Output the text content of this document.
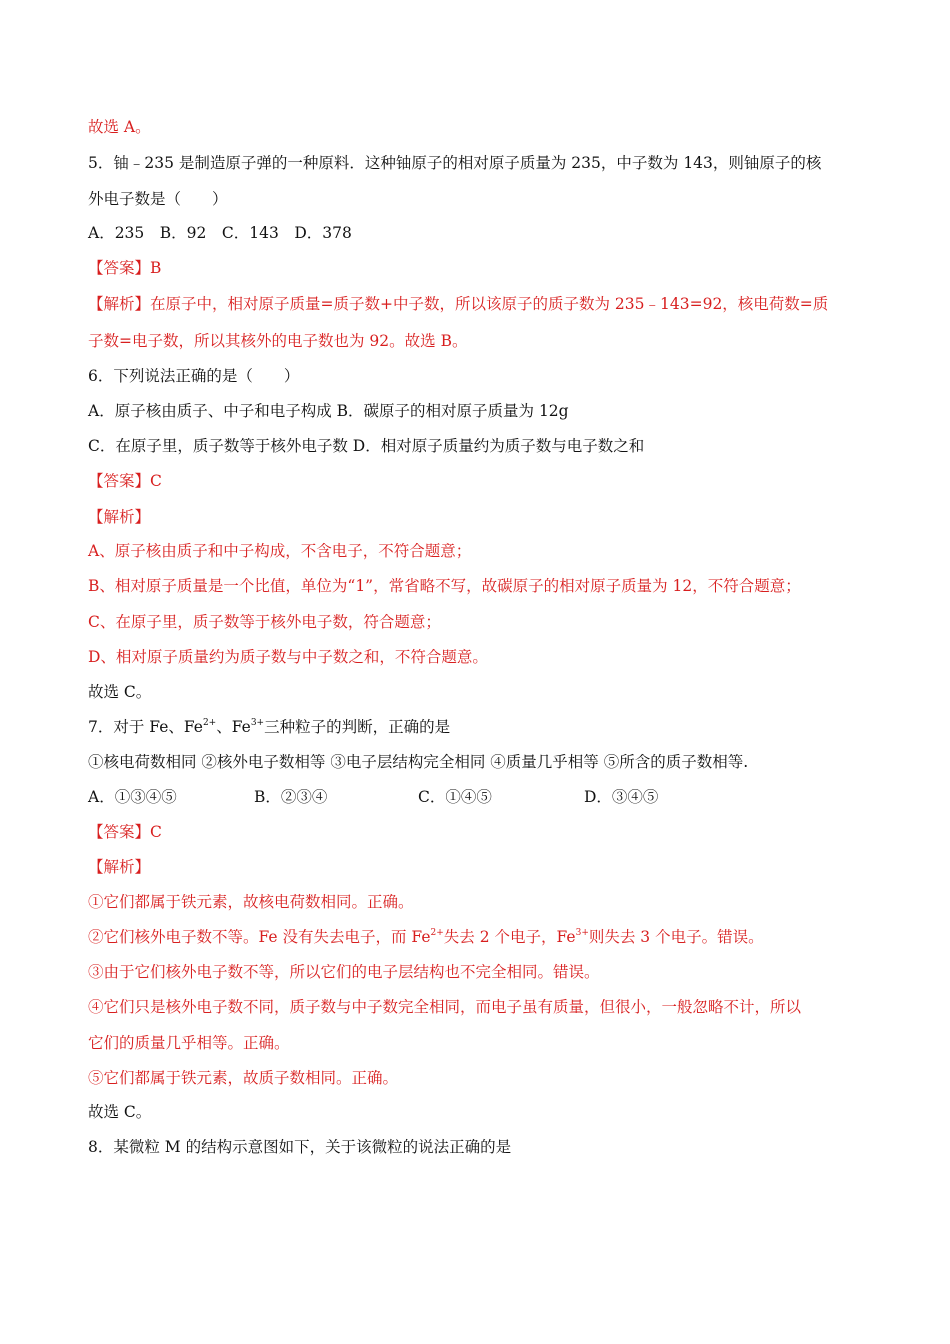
故选 A。
5．铀﹣235 是制造原子弹的一种原料．这种铀原子的相对原子质量为 235，中子数为 143，则铀原子的核
外电子数是（　　）
A．235　B．92　C．143　D．378
【答案】B
【解析】在原子中，相对原子质量=质子数+中子数，所以该原子的质子数为 235﹣143=92，核电荷数=质
子数=电子数，所以其核外的电子数也为 92。故选 B。
6．下列说法正确的是（　　）
A．原子核由质子、中子和电子构成 B．碳原子的相对原子质量为 12g
C．在原子里，质子数等于核外电子数 D．相对原子质量约为质子数与电子数之和
【答案】C
【解析】
A、原子核由质子和中子构成，不含电子，不符合题意；
B、相对原子质量是一个比值，单位为“1”，常省略不写，故碳原子的相对原子质量为 12，不符合题意；
C、在原子里，质子数等于核外电子数，符合题意；
D、相对原子质量约为质子数与中子数之和，不符合题意。
故选 C。
7．对于 Fe、$Fe^{2+}$、$Fe^{3+}$三种粒子的判断，正确的是
①核电荷数相同 ②核外电子数相等 ③电子层结构完全相同 ④质量几乎相等 ⑤所含的质子数相等.
A．①③④⑤	B．②③④	C．①④⑤	D．③④⑤
【答案】C
【解析】
①它们都属于铁元素，故核电荷数相同。正确。
②它们核外电子数不等。Fe 没有失去电子，而 $Fe^{2+}$失去 2 个电子，$Fe^{3+}$则失去 3 个电子。错误。
③由于它们核外电子数不等，所以它们的电子层结构也不完全相同。错误。
④它们只是核外电子数不同，质子数与中子数完全相同，而电子虽有质量，但很小，一般忽略不计，所以
它们的质量几乎相等。正确。
⑤它们都属于铁元素，故质子数相同。正确。
故选 C。
8．某微粒 M 的结构示意图如下，关于该微粒的说法正确的是
